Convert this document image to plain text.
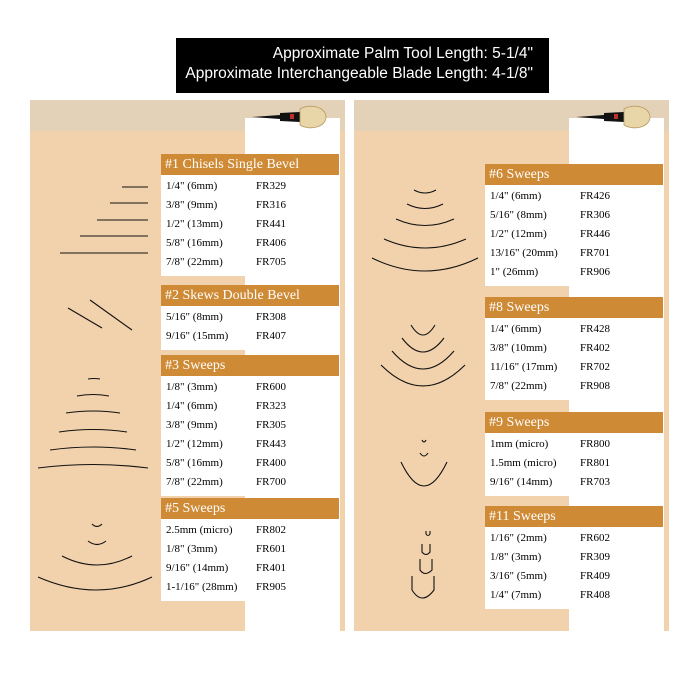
Approximate Palm Tool Length: 5-1/4"
Approximate Interchangeable Blade Length: 4-1/8"
#1 Chisels Single Bevel
1/4" (6mm)	FR329
3/8" (9mm)	FR316
1/2" (13mm)	FR441
5/8" (16mm)	FR406
7/8" (22mm)	FR705
#2 Skews Double Bevel
5/16" (8mm)	FR308
9/16" (15mm)	FR407
#3 Sweeps
1/8" (3mm)	FR600
1/4" (6mm)	FR323
3/8" (9mm)	FR305
1/2" (12mm)	FR443
5/8" (16mm)	FR400
7/8" (22mm)	FR700
#5 Sweeps
2.5mm (micro) FR802
1/8" (3mm)	FR601
9/16" (14mm)	FR401
1-1/16" (28mm) FR905
#6 Sweeps
1/4" (6mm)	FR426
5/16" (8mm)	FR306
1/2" (12mm)	FR446
13/16" (20mm) FR701
1" (26mm)	FR906
#8 Sweeps
1/4" (6mm)	FR428
3/8" (10mm)	FR402
11/16" (17mm) FR702
7/8" (22mm)	FR908
#9 Sweeps
1mm (micro)	FR800
1.5mm (micro) FR801
9/16" (14mm)	FR703
#11 Sweeps
1/16" (2mm)	FR602
1/8" (3mm)	FR309
3/16" (5mm)	FR409
1/4" (7mm)	FR408
